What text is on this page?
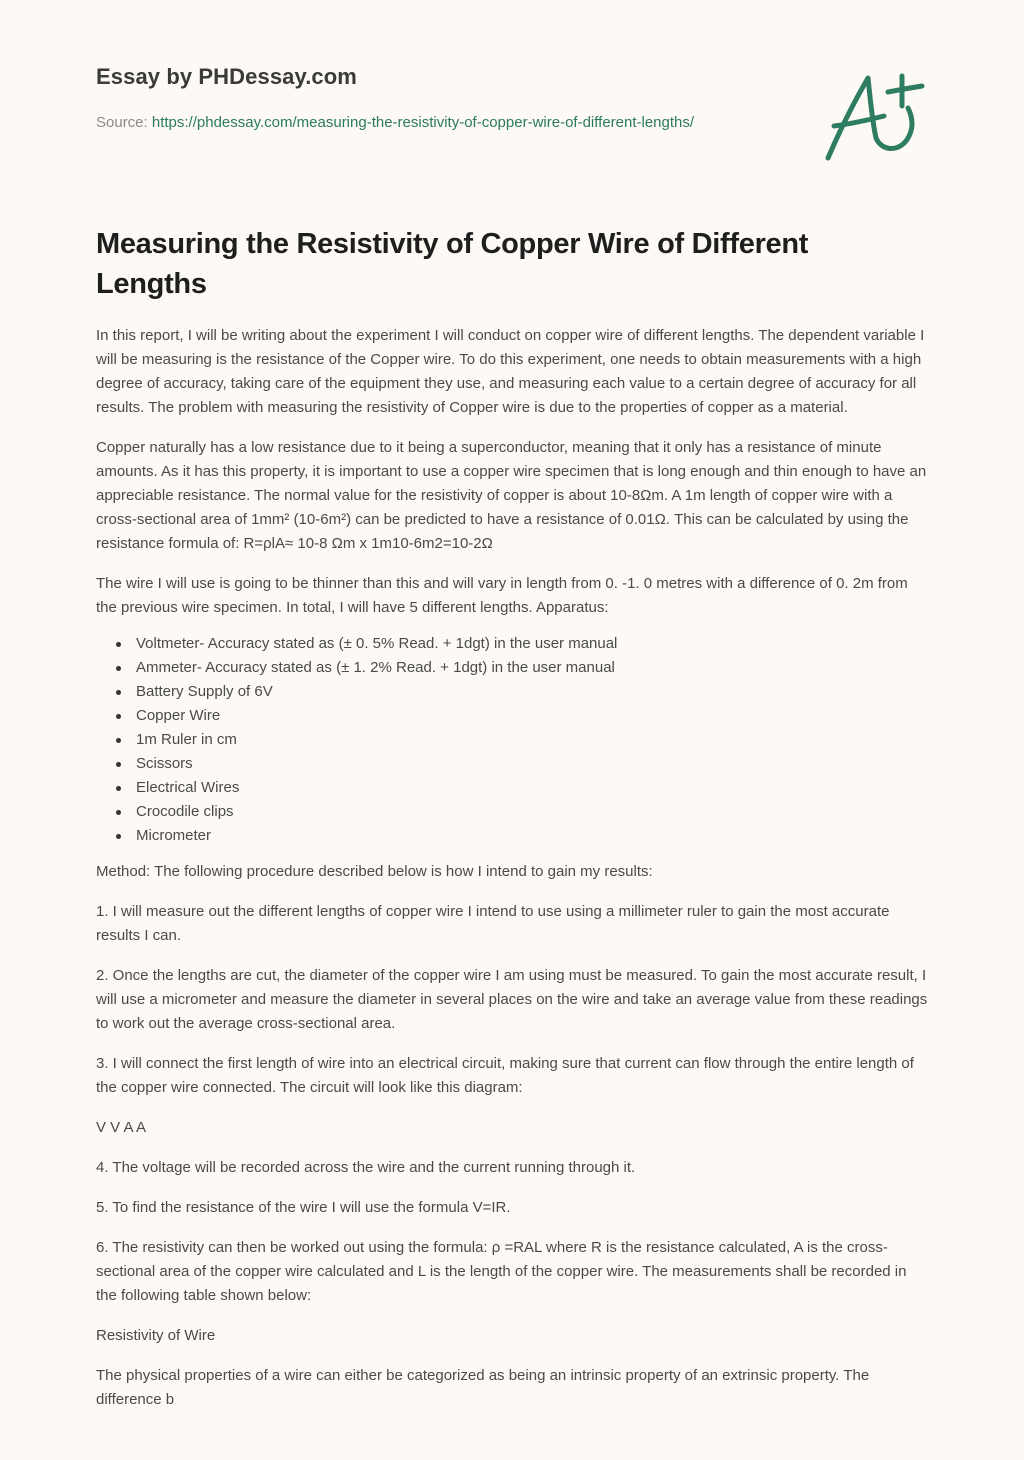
Essay by PHDessay.com
Source: https://phdessay.com/measuring-the-resistivity-of-copper-wire-of-different-lengths/
Measuring the Resistivity of Copper Wire of Different Lengths

In this report, I will be writing about the experiment I will conduct on copper wire of different lengths. The dependent variable I will be measuring is the resistance of the Copper wire. To do this experiment, one needs to obtain measurements with a high degree of accuracy, taking care of the equipment they use, and measuring each value to a certain degree of accuracy for all results. The problem with measuring the resistivity of Copper wire is due to the properties of copper as a material.

Copper naturally has a low resistance due to it being a superconductor, meaning that it only has a resistance of minute amounts. As it has this property, it is important to use a copper wire specimen that is long enough and thin enough to have an appreciable resistance. The normal value for the resistivity of copper is about 10-8Ωm. A 1m length of copper wire with a cross-sectional area of 1mm² (10-6m²) can be predicted to have a resistance of 0.01Ω. This can be calculated by using the resistance formula of: R=ρlA≈ 10-8 Ωm x 1m10-6m2=10-2Ω

The wire I will use is going to be thinner than this and will vary in length from 0. -1. 0 metres with a difference of 0. 2m from the previous wire specimen. In total, I will have 5 different lengths. Apparatus:

Voltmeter- Accuracy stated as (± 0. 5% Read. + 1dgt) in the user manual
Ammeter- Accuracy stated as (± 1. 2% Read. + 1dgt) in the user manual
Battery Supply of 6V
Copper Wire
1m Ruler in cm
Scissors
Electrical Wires
Crocodile clips
Micrometer

Method: The following procedure described below is how I intend to gain my results:

1. I will measure out the different lengths of copper wire I intend to use using a millimeter ruler to gain the most accurate results I can.

2. Once the lengths are cut, the diameter of the copper wire I am using must be measured. To gain the most accurate result, I will use a micrometer and measure the diameter in several places on the wire and take an average value from these readings to work out the average cross-sectional area.

3. I will connect the first length of wire into an electrical circuit, making sure that current can flow through the entire length of the copper wire connected. The circuit will look like this diagram:

V V A A

4. The voltage will be recorded across the wire and the current running through it.

5. To find the resistance of the wire I will use the formula V=IR.

6. The resistivity can then be worked out using the formula: ρ =RAL where R is the resistance calculated, A is the cross-sectional area of the copper wire calculated and L is the length of the copper wire. The measurements shall be recorded in the following table shown below:

Resistivity of Wire

The physical properties of a wire can either be categorized as being an intrinsic property of an extrinsic property. The difference b
